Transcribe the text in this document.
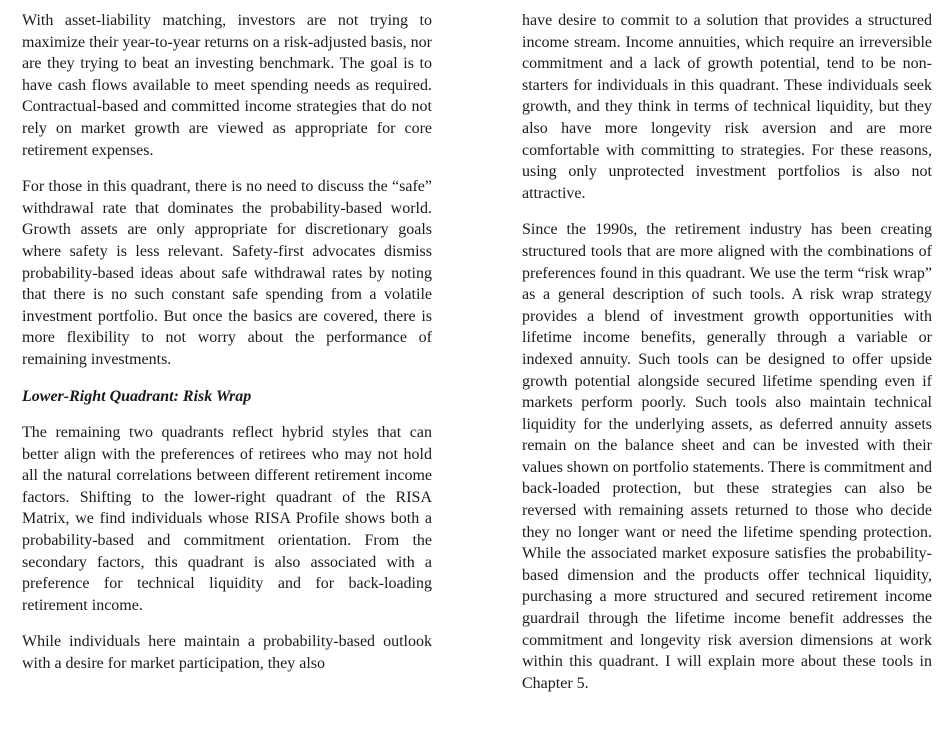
With asset-liability matching, investors are not trying to maximize their year-to-year returns on a risk-adjusted basis, nor are they trying to beat an investing benchmark. The goal is to have cash flows available to meet spending needs as required. Contractual-based and committed income strategies that do not rely on market growth are viewed as appropriate for core retirement expenses.

For those in this quadrant, there is no need to discuss the “safe” withdrawal rate that dominates the probability-based world. Growth assets are only appropriate for discretionary goals where safety is less relevant. Safety-first advocates dismiss probability-based ideas about safe withdrawal rates by noting that there is no such constant safe spending from a volatile investment portfolio. But once the basics are covered, there is more flexibility to not worry about the performance of remaining investments.

Lower-Right Quadrant: Risk Wrap

The remaining two quadrants reflect hybrid styles that can better align with the preferences of retirees who may not hold all the natural correlations between different retirement income factors. Shifting to the lower-right quadrant of the RISA Matrix, we find individuals whose RISA Profile shows both a probability-based and commitment orientation. From the secondary factors, this quadrant is also associated with a preference for technical liquidity and for back-loading retirement income.

While individuals here maintain a probability-based outlook with a desire for market participation, they also

have desire to commit to a solution that provides a structured income stream. Income annuities, which require an irreversible commitment and a lack of growth potential, tend to be non-starters for individuals in this quadrant. These individuals seek growth, and they think in terms of technical liquidity, but they also have more longevity risk aversion and are more comfortable with committing to strategies. For these reasons, using only unprotected investment portfolios is also not attractive.

Since the 1990s, the retirement industry has been creating structured tools that are more aligned with the combinations of preferences found in this quadrant. We use the term “risk wrap” as a general description of such tools. A risk wrap strategy provides a blend of investment growth opportunities with lifetime income benefits, generally through a variable or indexed annuity. Such tools can be designed to offer upside growth potential alongside secured lifetime spending even if markets perform poorly. Such tools also maintain technical liquidity for the underlying assets, as deferred annuity assets remain on the balance sheet and can be invested with their values shown on portfolio statements. There is commitment and back-loaded protection, but these strategies can also be reversed with remaining assets returned to those who decide they no longer want or need the lifetime spending protection. While the associated market exposure satisfies the probability-based dimension and the products offer technical liquidity, purchasing a more structured and secured retirement income guardrail through the lifetime income benefit addresses the commitment and longevity risk aversion dimensions at work within this quadrant. I will explain more about these tools in Chapter 5.
